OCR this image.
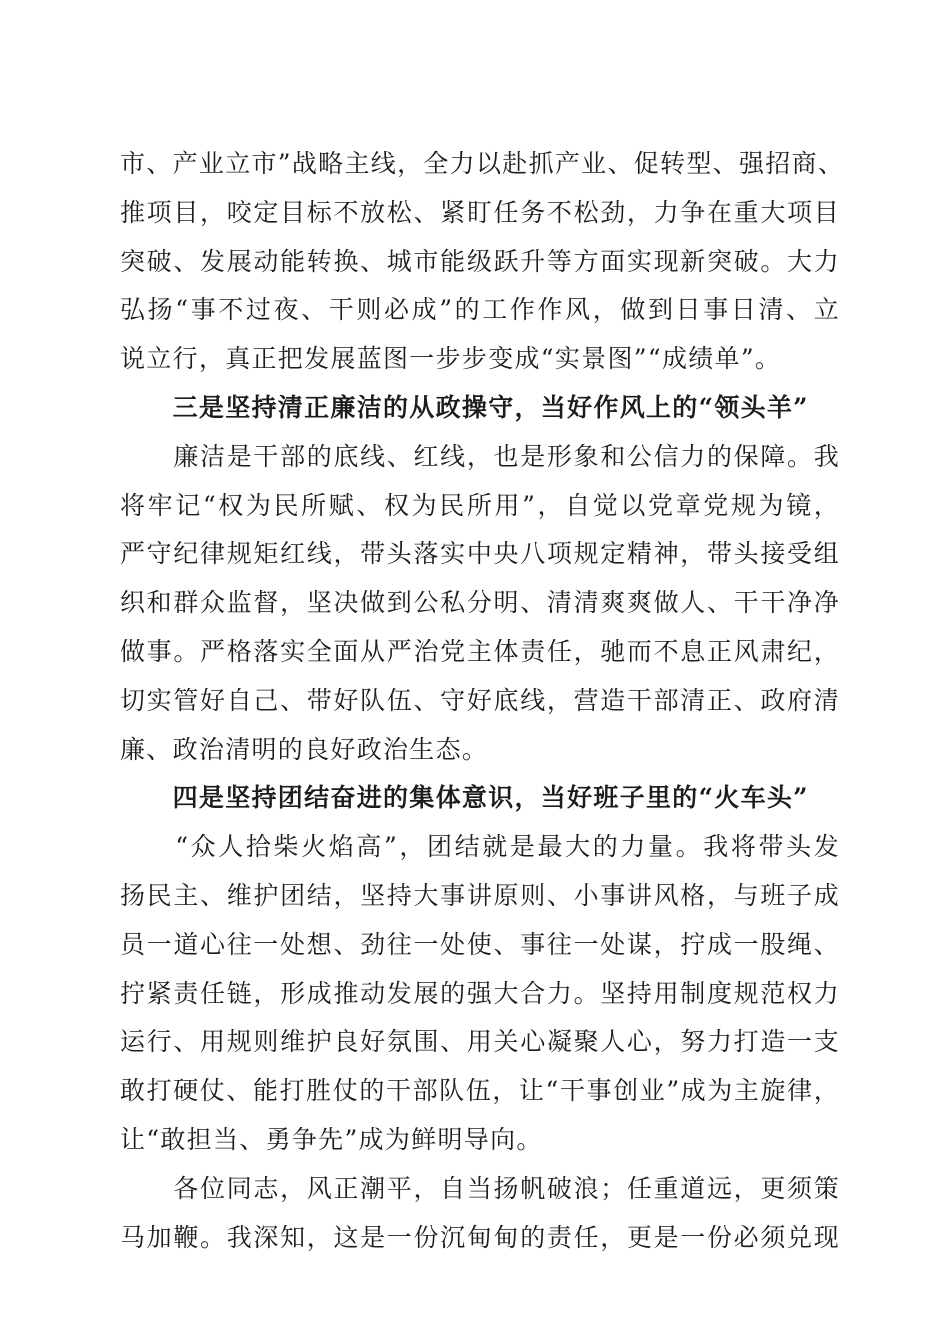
市、产业立市”战略主线，全力以赴抓产业、促转型、强招商、
推项目，咬定目标不放松、紧盯任务不松劲，力争在重大项目
突破、发展动能转换、城市能级跃升等方面实现新突破。大力
弘扬“事不过夜、干则必成”的工作作风，做到日事日清、立
说立行，真正把发展蓝图一步步变成“实景图”“成绩单”。
　　三是坚持清正廉洁的从政操守，当好作风上的“领头羊”
　　廉洁是干部的底线、红线，也是形象和公信力的保障。我
将牢记“权为民所赋、权为民所用”，自觉以党章党规为镜，
严守纪律规矩红线，带头落实中央八项规定精神，带头接受组
织和群众监督，坚决做到公私分明、清清爽爽做人、干干净净
做事。严格落实全面从严治党主体责任，驰而不息正风肃纪，
切实管好自己、带好队伍、守好底线，营造干部清正、政府清
廉、政治清明的良好政治生态。
　　四是坚持团结奋进的集体意识，当好班子里的“火车头”
　　“众人拾柴火焰高”，团结就是最大的力量。我将带头发
扬民主、维护团结，坚持大事讲原则、小事讲风格，与班子成
员一道心往一处想、劲往一处使、事往一处谋，拧成一股绳、
拧紧责任链，形成推动发展的强大合力。坚持用制度规范权力
运行、用规则维护良好氛围、用关心凝聚人心，努力打造一支
敢打硬仗、能打胜仗的干部队伍，让“干事创业”成为主旋律，
让“敢担当、勇争先”成为鲜明导向。
　　各位同志，风正潮平，自当扬帆破浪；任重道远，更须策
马加鞭。我深知，这是一份沉甸甸的责任，更是一份必须兑现
